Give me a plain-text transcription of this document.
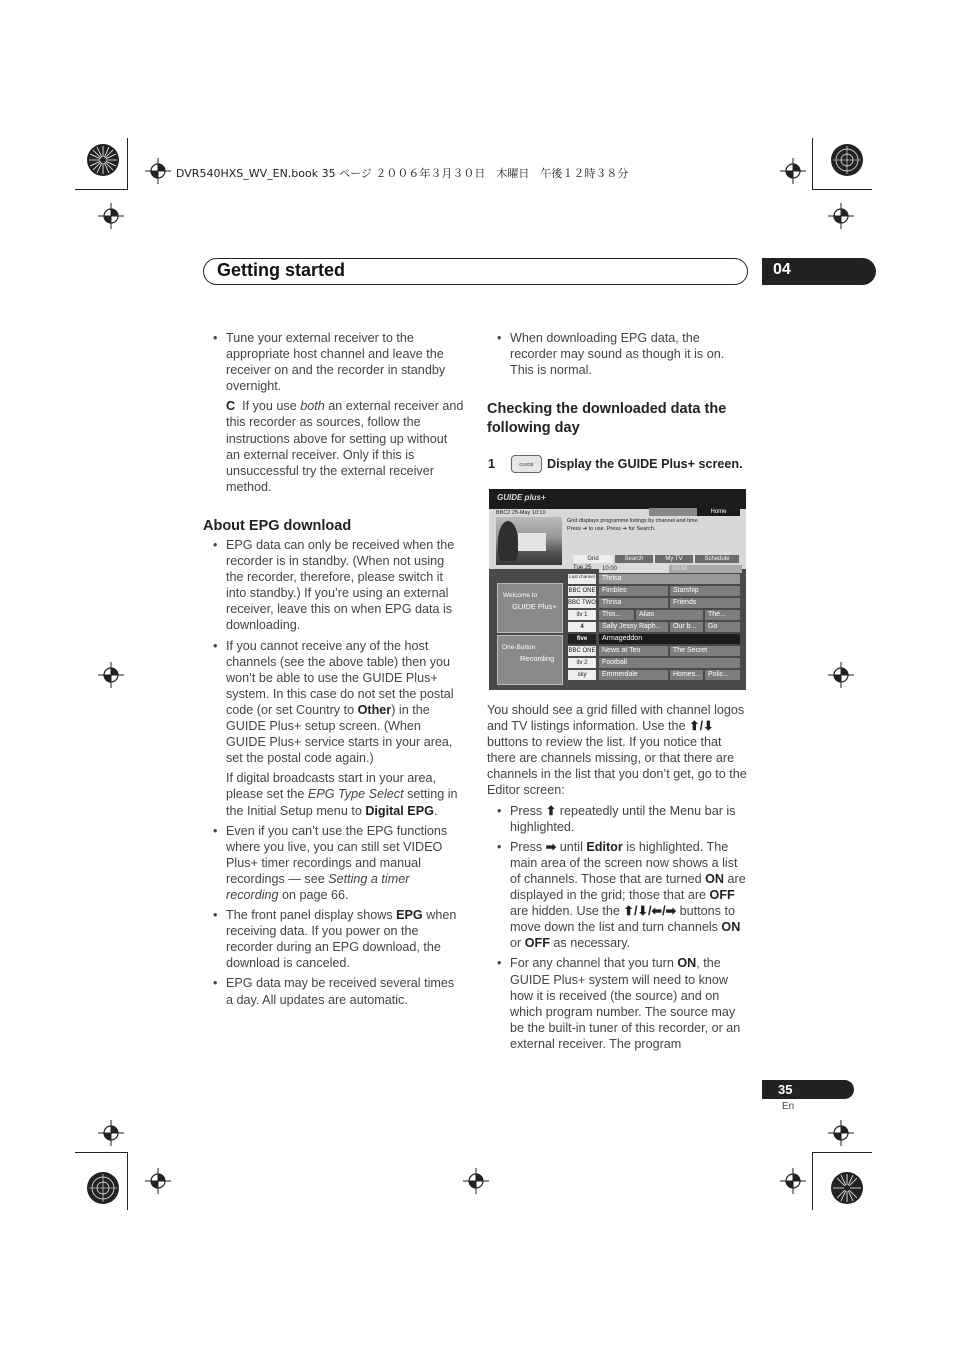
DVR540HXS_WV_EN.book 35 ページ ２００６年３月３０日　木曜日　午後１２時３８分
Getting started	04
• Tune your external receiver to the appropriate host channel and leave the receiver on and the recorder in standby overnight.

C If you use both an external receiver and this recorder as sources, follow the instructions above for setting up without an external receiver. Only if this is unsuccessful try the external receiver method.

About EPG download
• EPG data can only be received when the recorder is in standby. (When not using the recorder, therefore, please switch it into standby.) If you’re using an external receiver, leave this on when EPG data is downloading.
• If you cannot receive any of the host channels (see the above table) then you won’t be able to use the GUIDE Plus+ system. In this case do not set the postal code (or set Country to Other) in the GUIDE Plus+ setup screen. (When GUIDE Plus+ service starts in your area, set the postal code again.)

If digital broadcasts start in your area, please set the EPG Type Select setting in the Initial Setup menu to Digital EPG.

• Even if you can’t use the EPG functions where you live, you can still set VIDEO Plus+ timer recordings and manual recordings — see Setting a timer recording on page 66.
• The front panel display shows EPG when receiving data. If you power on the recorder during an EPG download, the download is canceled.
• EPG data may be received several times a day. All updates are automatic.
• When downloading EPG data, the recorder may sound as though it is on. This is normal.
Checking the downloaded data the following day
1	GUIDE	Display the GUIDE Plus+ screen.
GUIDE plus+
BBC2 25-May 10:10	Home
Grid displays programme listings by channel and time.
Press ➜ to use. Press ➜ for Search.
Grid	Search	My TV	Schedule
Tue,25	10:00	10:30
Welcome to
GUIDE Plus+
One-Button
Recording
Last channel	Thrisa
BBC ONE Fimbles	Starship
BBC TWO Thrisa	Friends
itv 1	This...	Alias	The...
4	Sally Jessy Raph...	Our b...	Go
five	Armageddon
BBC ONE News at Ten	The Secret
itv 2	Football
sky	Emmerdale	Homes... Polic...

You should see a grid filled with channel logos and TV listings information. Use the ⬆/⬇ buttons to review the list. If you notice that there are channels missing, or that there are channels in the list that you don’t get, go to the Editor screen:

• Press ⬆ repeatedly until the Menu bar is highlighted.
• Press ➡ until Editor is highlighted. The main area of the screen now shows a list of channels. Those that are turned ON are displayed in the grid; those that are OFF are hidden. Use the ⬆/⬇/⬅/➡ buttons to move down the list and turn channels ON or OFF as necessary.
• For any channel that you turn ON, the GUIDE Plus+ system will need to know how it is received (the source) and on which program number. The source may be the built-in tuner of this recorder, or an external receiver. The program
35
En
